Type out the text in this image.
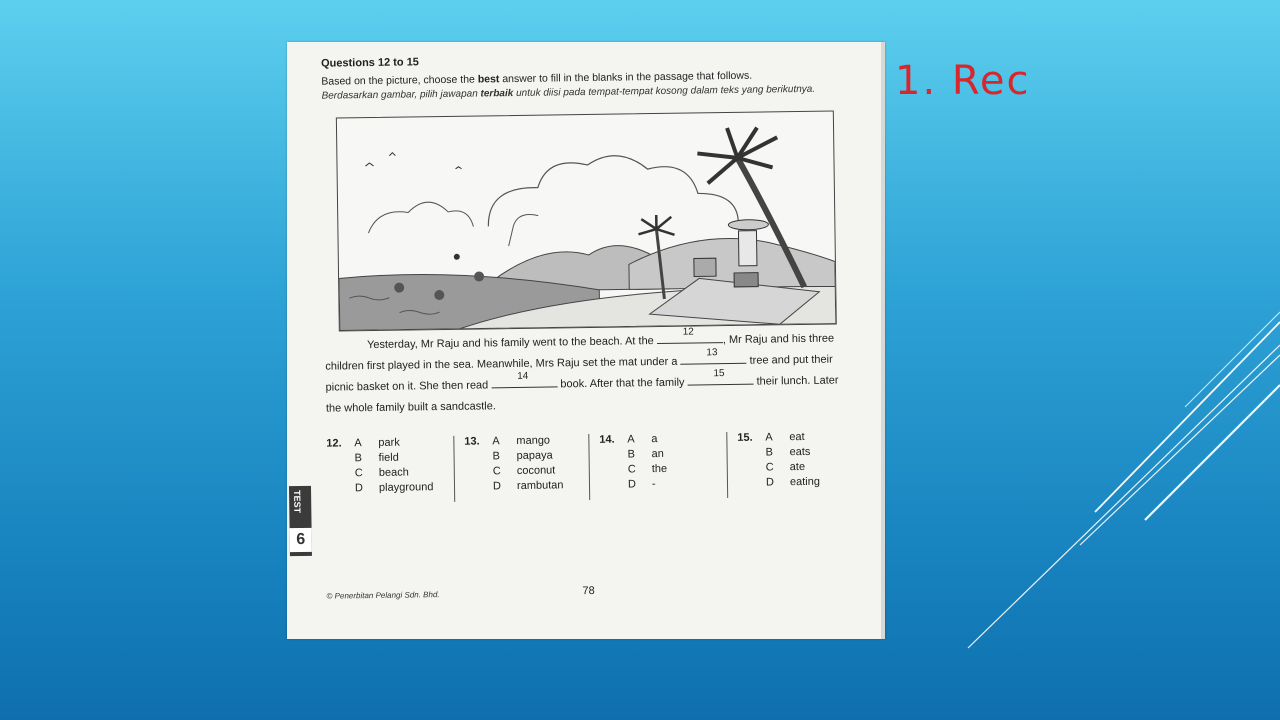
Questions 12 to 15
Based on the picture, choose the best answer to fill in the blanks in the passage that follows.
Berdasarkan gambar, pilih jawapan terbaik untuk diisi pada tempat-tempat kosong dalam teks yang berikutnya.
Yesterday, Mr Raju and his family went to the beach. At the
12
, Mr Raju and his three children first played in the sea. Meanwhile, Mrs Raju set the mat under a
13
tree and put their picnic basket on it. She then read
14
book. After that the family
15
their lunch. Later the whole family built a sandcastle.
12. A park
B field
C beach
D playground
13. A mango
B papaya
C coconut
D rambutan
14. A a
B an
C the
D -
15. A eat
B eats
C ate
D eating
TEST
6
© Penerbitan Pelangi Sdn. Bhd.	78
1. Rec
